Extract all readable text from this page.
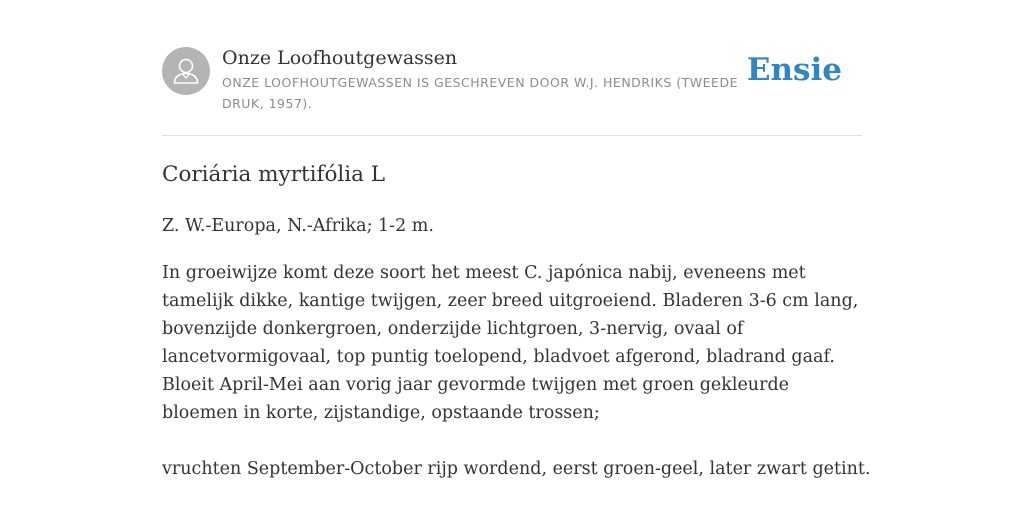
Onze Loofhoutgewassen
ONZE LOOFHOUTGEWASSEN IS GESCHREVEN DOOR W.J. HENDRIKS (TWEEDE DRUK, 1957).
Ensie
Coriária myrtifólia L

Z. W.-Europa, N.-Afrika; 1-2 m.

In groeiwijze komt deze soort het meest C. japónica nabij, eveneens met tamelijk dikke, kantige twijgen, zeer breed uitgroeiend. Bladeren 3-6 cm lang, bovenzijde donkergroen, onderzijde lichtgroen, 3-nervig, ovaal of lancetvormigovaal, top puntig toelopend, bladvoet afgerond, bladrand gaaf. Bloeit April-Mei aan vorig jaar gevormde twijgen met groen gekleurde bloemen in korte, zijstandige, opstaande trossen;

vruchten September-October rijp wordend, eerst groen-geel, later zwart getint.
